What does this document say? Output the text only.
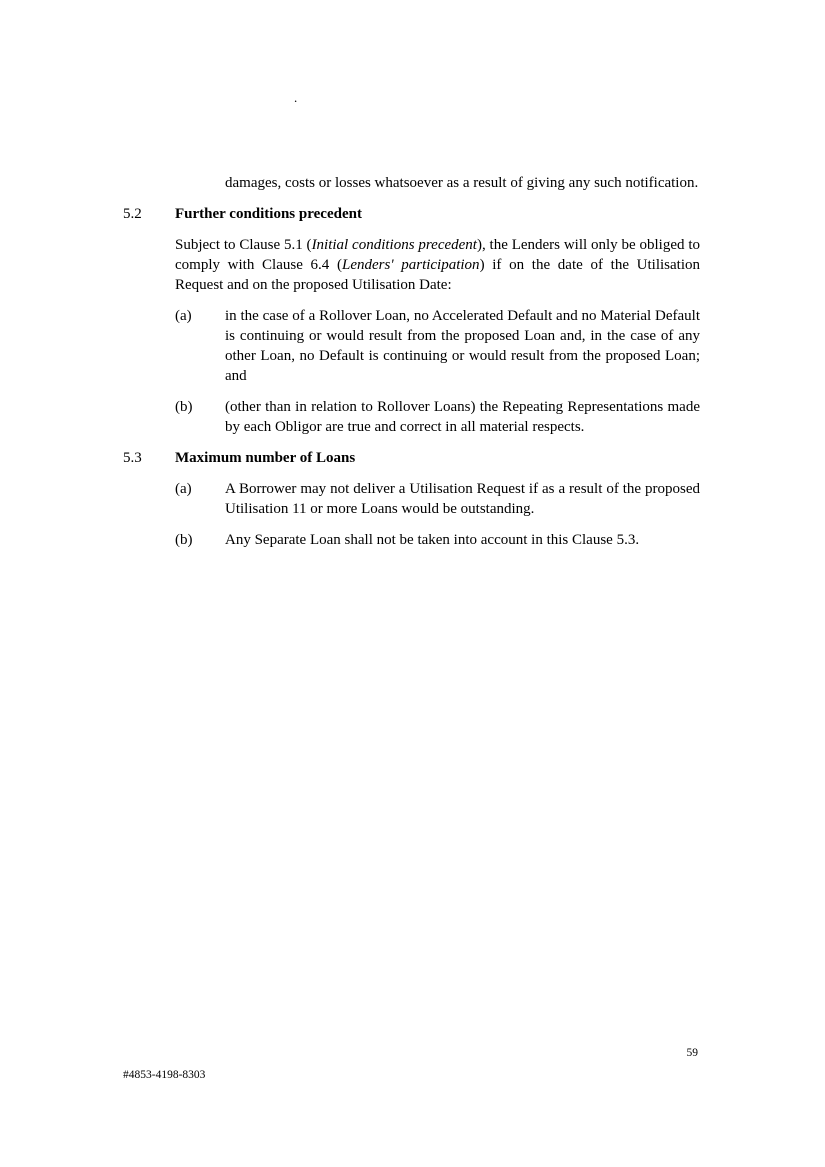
.

damages, costs or losses whatsoever as a result of giving any such notification.

5.2	Further conditions precedent

Subject to Clause 5.1 (Initial conditions precedent), the Lenders will only be obliged to comply with Clause 6.4 (Lenders' participation) if on the date of the Utilisation Request and on the proposed Utilisation Date:

(a)	in the case of a Rollover Loan, no Accelerated Default and no Material Default is continuing or would result from the proposed Loan and, in the case of any other Loan, no Default is continuing or would result from the proposed Loan; and
(b)	(other than in relation to Rollover Loans) the Repeating Representations made by each Obligor are true and correct in all material respects.
5.3	Maximum number of Loans
(a)	A Borrower may not deliver a Utilisation Request if as a result of the proposed Utilisation 11 or more Loans would be outstanding.
(b)	Any Separate Loan shall not be taken into account in this Clause 5.3.
59
#4853-4198-8303
